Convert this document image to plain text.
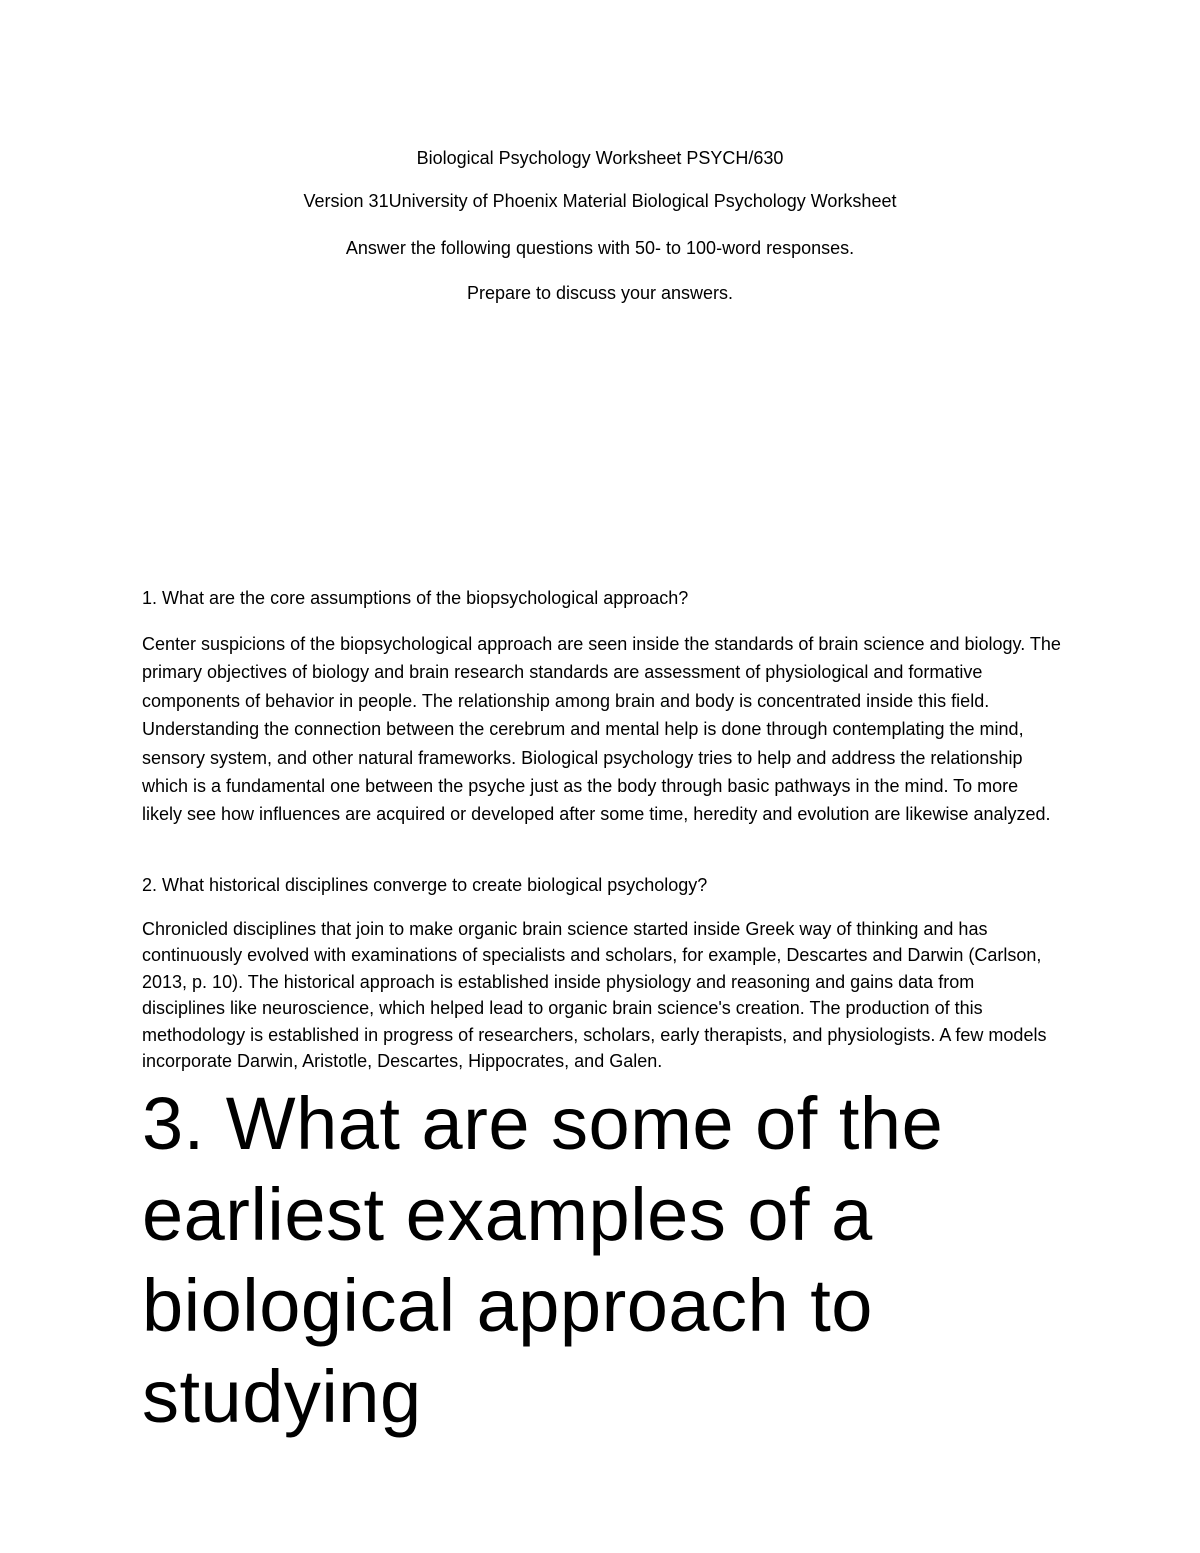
Biological Psychology Worksheet PSYCH/630
Version 31University of Phoenix Material Biological Psychology Worksheet
Answer the following questions with 50- to 100-word responses.
Prepare to discuss your answers.

1. What are the core assumptions of the biopsychological approach?

Center suspicions of the biopsychological approach are seen inside the standards of brain science and biology. The primary objectives of biology and brain research standards are assessment of physiological and formative components of behavior in people. The relationship among brain and body is concentrated inside this field. Understanding the connection between the cerebrum and mental help is done through contemplating the mind, sensory system, and other natural frameworks. Biological psychology tries to help and address the relationship which is a fundamental one between the psyche just as the body through basic pathways in the mind. To more likely see how influences are acquired or developed after some time, heredity and evolution are likewise analyzed.

2. What historical disciplines converge to create biological psychology?

Chronicled disciplines that join to make organic brain science started inside Greek way of thinking and has continuously evolved with examinations of specialists and scholars, for example, Descartes and Darwin (Carlson, 2013, p. 10). The historical approach is established inside physiology and reasoning and gains data from disciplines like neuroscience, which helped lead to organic brain science's creation. The production of this methodology is established in progress of researchers, scholars, early therapists, and physiologists. A few models incorporate Darwin, Aristotle, Descartes, Hippocrates, and Galen.

3. What are some of the earliest examples of a biological approach to studying
